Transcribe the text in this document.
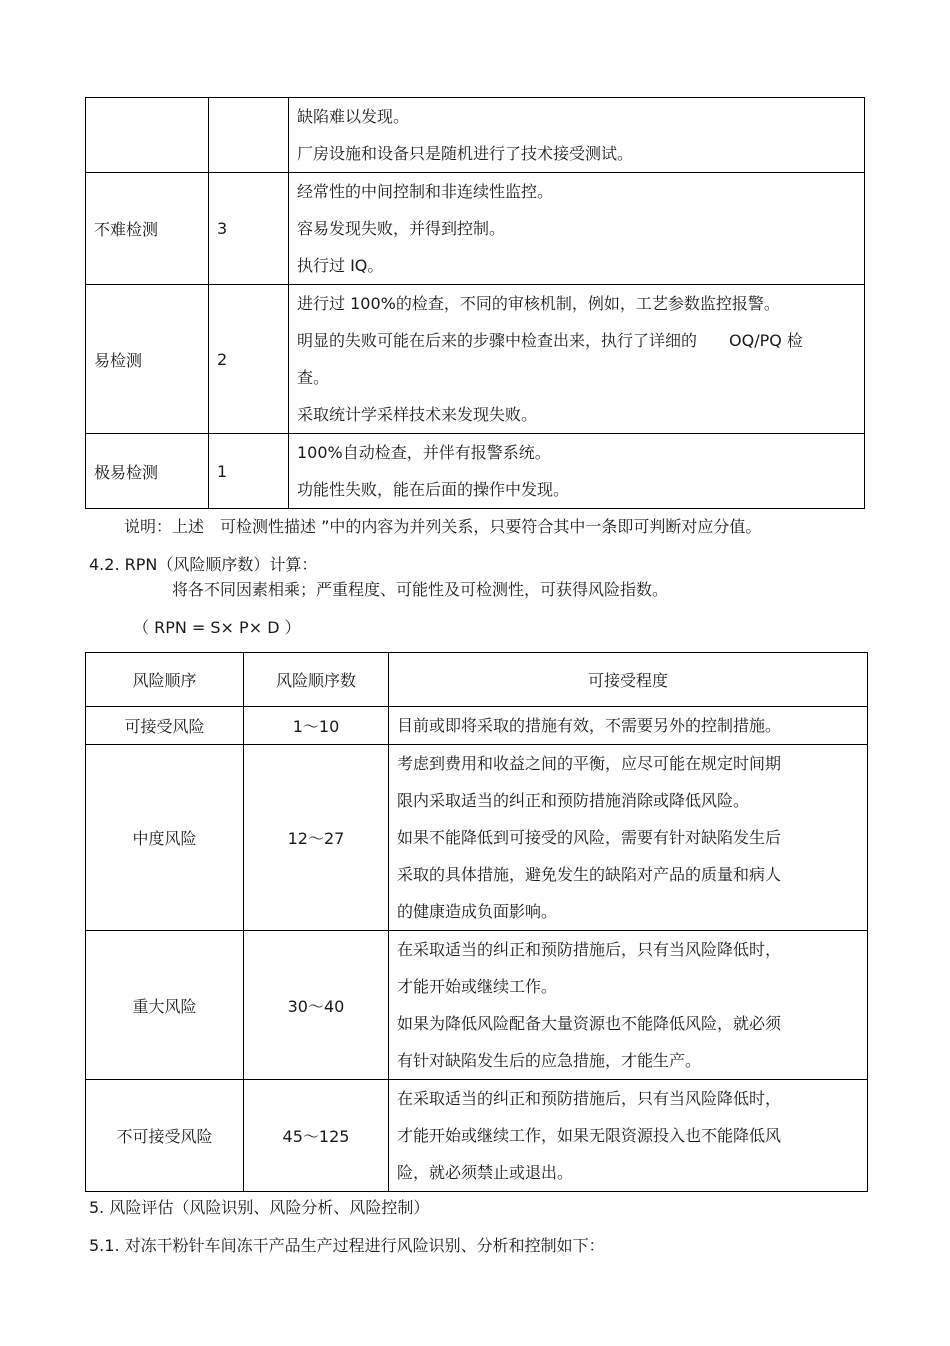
		缺陷难以发现。
厂房设施和设备只是随机进行了技术接受测试。

不难检测	3	经常性的中间控制和非连续性监控。
容易发现失败，并得到控制。
执行过 IQ。

易检测	2	进行过 100%的检查，不同的审核机制，例如，工艺参数监控报警。
明显的失败可能在后来的步骤中检查出来，执行了详细的　　OQ/PQ 检
查。
采取统计学采样技术来发现失败。

极易检测	1	100%自动检查，并伴有报警系统。
功能性失败，能在后面的操作中发现。
说明：上述　可检测性描述 ”中的内容为并列关系，只要符合其中一条即可判断对应分值。
4.2. RPN（风险顺序数）计算：
将各不同因素相乘；严重程度、可能性及可检测性，可获得风险指数。
（ RPN = S× P× D ）
风险顺序	风险顺序数	可接受程度
可接受风险	1～10	目前或即将采取的措施有效，不需要另外的控制措施。

中度风险	12～27	考虑到费用和收益之间的平衡，应尽可能在规定时间期
限内采取适当的纠正和预防措施消除或降低风险。
如果不能降低到可接受的风险，需要有针对缺陷发生后
采取的具体措施，避免发生的缺陷对产品的质量和病人
的健康造成负面影响。

重大风险	30～40	在采取适当的纠正和预防措施后，只有当风险降低时，
才能开始或继续工作。
如果为降低风险配备大量资源也不能降低风险，就必须
有针对缺陷发生后的应急措施，才能生产。

不可接受风险	45～125	在采取适当的纠正和预防措施后，只有当风险降低时，
才能开始或继续工作，如果无限资源投入也不能降低风
险，就必须禁止或退出。
5. 风险评估（风险识别、风险分析、风险控制）
5.1. 对冻干粉针车间冻干产品生产过程进行风险识别、分析和控制如下：
